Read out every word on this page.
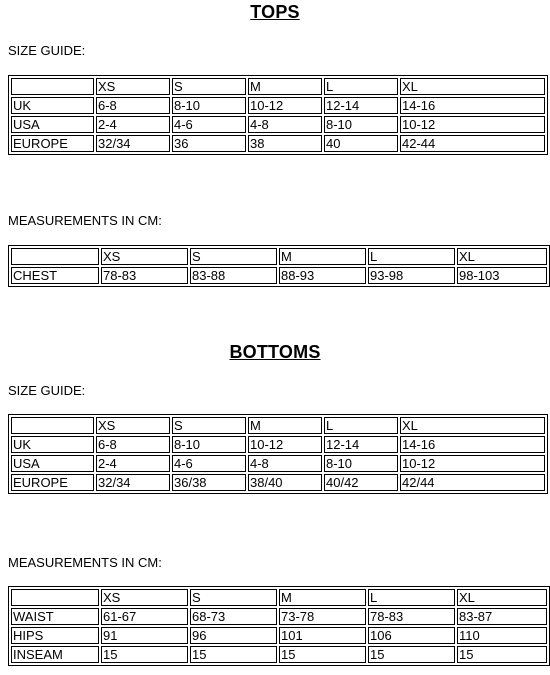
TOPS

SIZE GUIDE:

	XS	S	M	L	XL
UK	6-8	8-10	10-12	12-14	14-16
USA	2-4	4-6	4-8	8-10	10-12
EUROPE	32/34	36	38	40	42-44

MEASUREMENTS IN CM:

	XS	S	M	L	XL
CHEST	78-83	83-88	88-93	93-98	98-103
BOTTOMS

SIZE GUIDE:

	XS	S	M	L	XL
UK	6-8	8-10	10-12	12-14	14-16
USA	2-4	4-6	4-8	8-10	10-12
EUROPE	32/34	36/38	38/40	40/42	42/44

MEASUREMENTS IN CM:

	XS	S	M	L	XL
WAIST	61-67	68-73	73-78	78-83	83-87
HIPS	91	96	101	106	110
INSEAM	15	15	15	15	15
